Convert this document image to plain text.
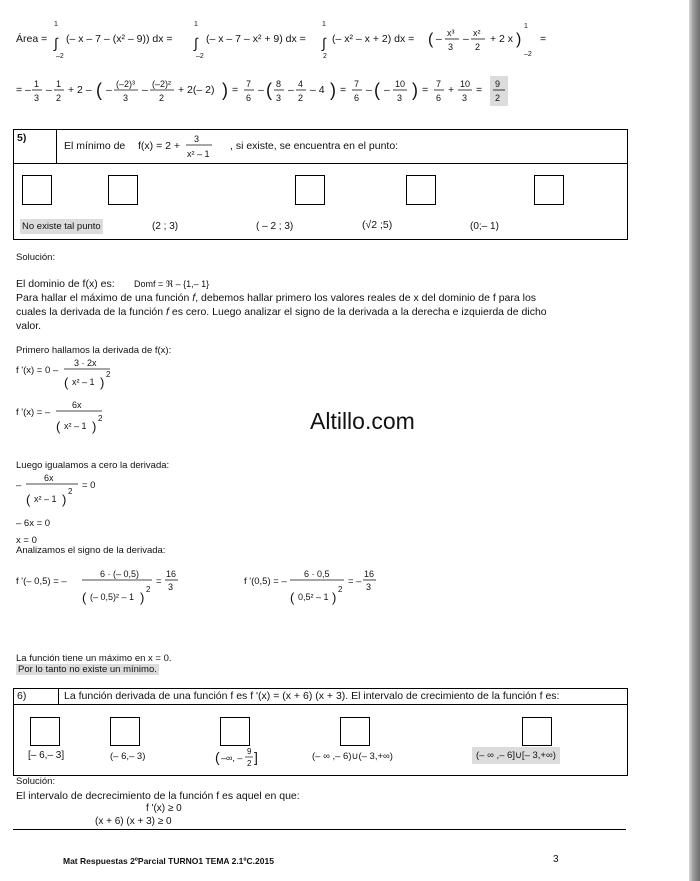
Área =
1
∫
–2
(– x – 7 – (x² – 9)) dx =
1
∫
–2
(– x – 7 – x² + 9) dx =
1
∫
2
(– x² – x + 2) dx = ( – x³
3
– x²
2
+ 2 x )
1
–2
=
= – 1
3
– 1
2
+ 2 – ( – (–2)³
3
– (–2)²
2
+ 2(– 2) ) = 7
6
– ( 8
3
– 4
2
– 4 ) = 7
6
– ( – 10
3 ) = 7
6
+ 10
3
= 9
2
5)
El mínimo de f(x) = 2 +
3
x² – 1
, si existe, se encuentra en el punto:
No existe tal punto	(2 ; 3)	( – 2 ; 3)	(√2 ;5)	(0;– 1)
Solución:
El dominio de f(x) es: Domf = ℜ – {1,– 1}
Para hallar el máximo de una función f, debemos hallar primero los valores reales de x del dominio de f para los
cuales la derivada de la función f es cero. Luego analizar el signo de la derivada a la derecha e izquierda de dicho
valor.
Primero hallamos la derivada de f(x):
f '(x) = 0 –
3 · 2x
( x² – 1 )
2
f '(x) = –
6x
( x² – 1 )
2
Luego igualamos a cero la derivada:
–
6x
( x² – 1 )
2
= 0
– 6x = 0
x = 0
Analizamos el signo de la derivada:
f '(– 0,5) = –
6 · (– 0,5)
( (– 0,5)² – 1 )
2
=
16
3	f '(0,5) = –
6 · 0,5
( 0,5² – 1 )
2
= –
16
3
La función tiene un máximo en x = 0.
Por lo tanto no existe un mínimo.
Altillo.com
6)	La función derivada de una función f es f '(x) = (x + 6) (x + 3). El intervalo de crecimiento de la función f es:
[– 6,– 3]	(– 6,– 3)	( –∞, –
9
2 ]	(– ∞ ,– 6)∪(– 3,+∞)	(– ∞ ,– 6]∪[– 3,+∞)
Solución:
El intervalo de decrecimiento de la función f es aquel en que:
f '(x) ≥ 0
(x + 6) (x + 3) ≥ 0
Mat Respuestas 2ºParcial TURNO1 TEMA 2.1ºC.2015	3
